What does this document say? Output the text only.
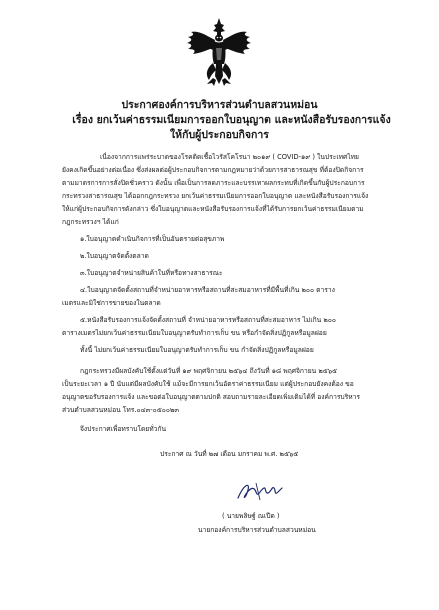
ประกาศองค์การบริหารส่วนตำบลสวนหม่อน
เรื่อง ยกเว้นค่าธรรมเนียมการออกใบอนุญาต และหนังสือรับรองการแจ้ง
ให้กับผู้ประกอบกิจการ
เนื่องจากการแพร่ระบาดของโรคติดเชื้อไวรัสโคโรนา ๒๐๑๙ ( COVID-๑๙ ) ในประเทศไทย
ยังคงเกิดขึ้นอย่างต่อเนื่อง ซึ่งส่งผลต่อผู้ประกอบกิจการตามกฎหมายว่าด้วยการสาธารณสุข ที่ต้องปิดกิจการ
ตามมาตรการการสั่งปิดชั่วคราว ดังนั้น เพื่อเป็นการลดภาระและบรรเทาผลกระทบที่เกิดขึ้นกับผู้ประกอบการ
กระทรวงสาธารณสุข ได้ออกกฎกระทรวง ยกเว้นค่าธรรมเนียมการออกใบอนุญาต และหนังสือรับรองการแจ้ง
ให้แก่ผู้ประกอบกิจการดังกล่าว ซึ่งใบอนุญาตและหนังสือรับรองการแจ้งที่ได้รับการยกเว้นค่าธรรมเนียมตาม
กฎกระทรวงฯ ได้แก่
๑.ใบอนุญาตดำเนินกิจการที่เป็นอันตรายต่อสุขภาพ
๒.ใบอนุญาตจัดตั้งตลาด
๓.ใบอนุญาตจำหน่ายสินค้าในที่หรือทางสาธารณะ
๔.ใบอนุญาตจัดตั้งสถานที่จำหน่ายอาหารหรือสถานที่สะสมอาหารที่มีพื้นที่เกิน ๒๐๐ ตาราง
เมตรและมิใช่การขายของในตลาด
๕.หนังสือรับรองการแจ้งจัดตั้งสถานที่ จำหน่ายอาหารหรือสถานที่สะสมอาหาร ไม่เกิน ๒๐๐
ตารางเมตรไม่ยกเว้นค่าธรรมเนียมใบอนุญาตรับทำการเก็บ ขน หรือกำจัดสิ่งปฏิกูลหรือมูลฝอย
ทั้งนี้ ไม่ยกเว้นค่าธรรมเนียมใบอนุญาตรับทำการเก็บ ขน กำจัดสิ่งปฏิกูลหรือมูลฝอย
กฎกระทรวงมีผลบังคับใช้ตั้งแต่วันที่ ๑๙ พฤศจิกายน ๒๕๖๔ ถึงวันที่ ๑๘ พฤศจิกายน ๒๕๖๕
เป็นระยะเวลา ๑ ปี นับแต่มีผลบังคับใช้ แม้จะมีการยกเว้นอัตราค่าธรรมเนียม แต่ผู้ประกอบยังคงต้อง ขอ
อนุญาตขอรับรองการแจ้ง และขอต่อใบอนุญาตตามปกติ สอบถามรายละเอียดเพิ่มเติมได้ที่ องค์การบริหาร
ส่วนตำบลสวนหม่อน โทร.๐๔๓-๐๕๐๐๒๓
จึงประกาศเพื่อทราบโดยทั่วกัน
ประกาศ ณ วันที่ ๒๗ เดือน มกราคม พ.ศ. ๒๕๖๕
( นายพลิษฐ์ ณเปีด )
นายกองค์การบริหารส่วนตำบลสวนหม่อน
